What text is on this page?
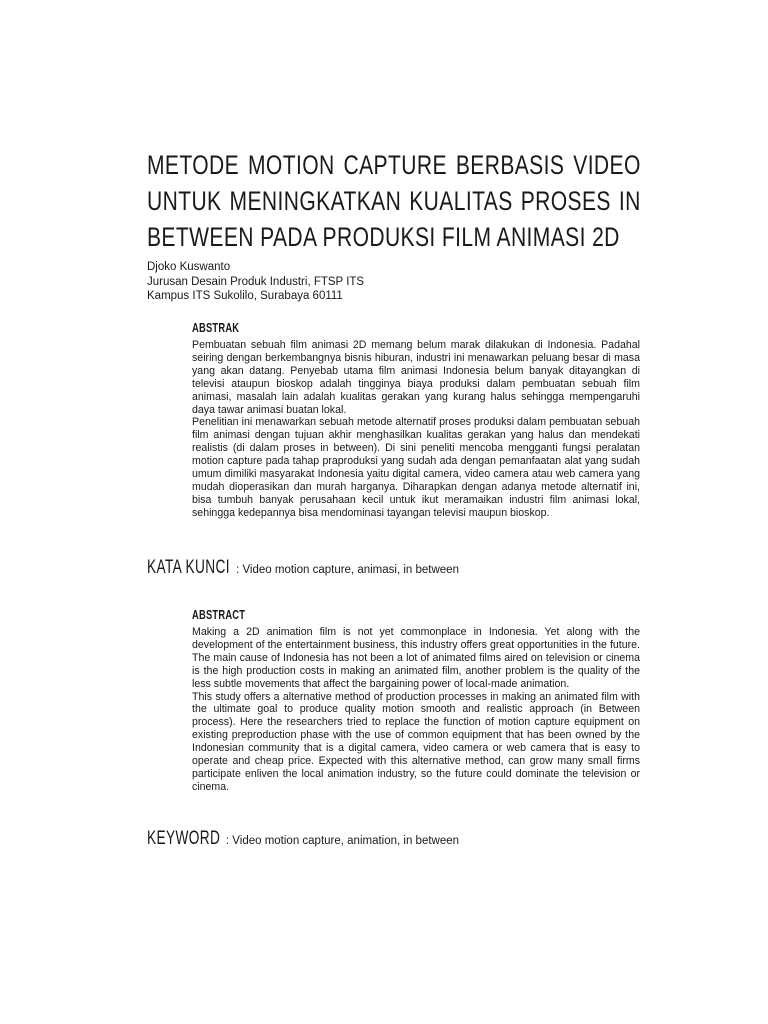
METODE MOTION CAPTURE BERBASIS VIDEO UNTUK MENINGKATKAN KUALITAS PROSES IN BETWEEN PADA PRODUKSI FILM ANIMASI 2D
Djoko Kuswanto
Jurusan Desain Produk Industri, FTSP ITS
Kampus ITS Sukolilo, Surabaya 60111
ABSTRAK

Pembuatan sebuah film animasi 2D memang belum marak dilakukan di Indonesia. Padahal seiring dengan berkembangnya bisnis hiburan, industri ini menawarkan peluang besar di masa yang akan datang. Penyebab utama film animasi Indonesia belum banyak ditayangkan di televisi ataupun bioskop adalah tingginya biaya produksi dalam pembuatan sebuah film animasi, masalah lain adalah kualitas gerakan yang kurang halus sehingga mempengaruhi daya tawar animasi buatan lokal.

Penelitian ini menawarkan sebuah metode alternatif proses produksi dalam pembuatan sebuah film animasi dengan tujuan akhir menghasilkan kualitas gerakan yang halus dan mendekati realistis (di dalam proses in between). Di sini peneliti mencoba mengganti fungsi peralatan motion capture pada tahap praproduksi yang sudah ada dengan pemanfaatan alat yang sudah umum dimiliki masyarakat Indonesia yaitu digital camera, video camera atau web camera yang mudah dioperasikan dan murah harganya. Diharapkan dengan adanya metode alternatif ini, bisa tumbuh banyak perusahaan kecil untuk ikut meramaikan industri film animasi lokal, sehingga kedepannya bisa mendominasi tayangan televisi maupun bioskop.

KATA KUNCI : Video motion capture, animasi, in between
ABSTRACT

Making a 2D animation film is not yet commonplace in Indonesia. Yet along with the development of the entertainment business, this industry offers great opportunities in the future. The main cause of Indonesia has not been a lot of animated films aired on television or cinema is the high production costs in making an animated film, another problem is the quality of the less subtle movements that affect the bargaining power of local-made animation.

This study offers a alternative method of production processes in making an animated film with the ultimate goal to produce quality motion smooth and realistic approach (in Between process). Here the researchers tried to replace the function of motion capture equipment on existing preproduction phase with the use of common equipment that has been owned by the Indonesian community that is a digital camera, video camera or web camera that is easy to operate and cheap price. Expected with this alternative method, can grow many small firms participate enliven the local animation industry, so the future could dominate the television or cinema.

KEYWORD : Video motion capture, animation, in between
